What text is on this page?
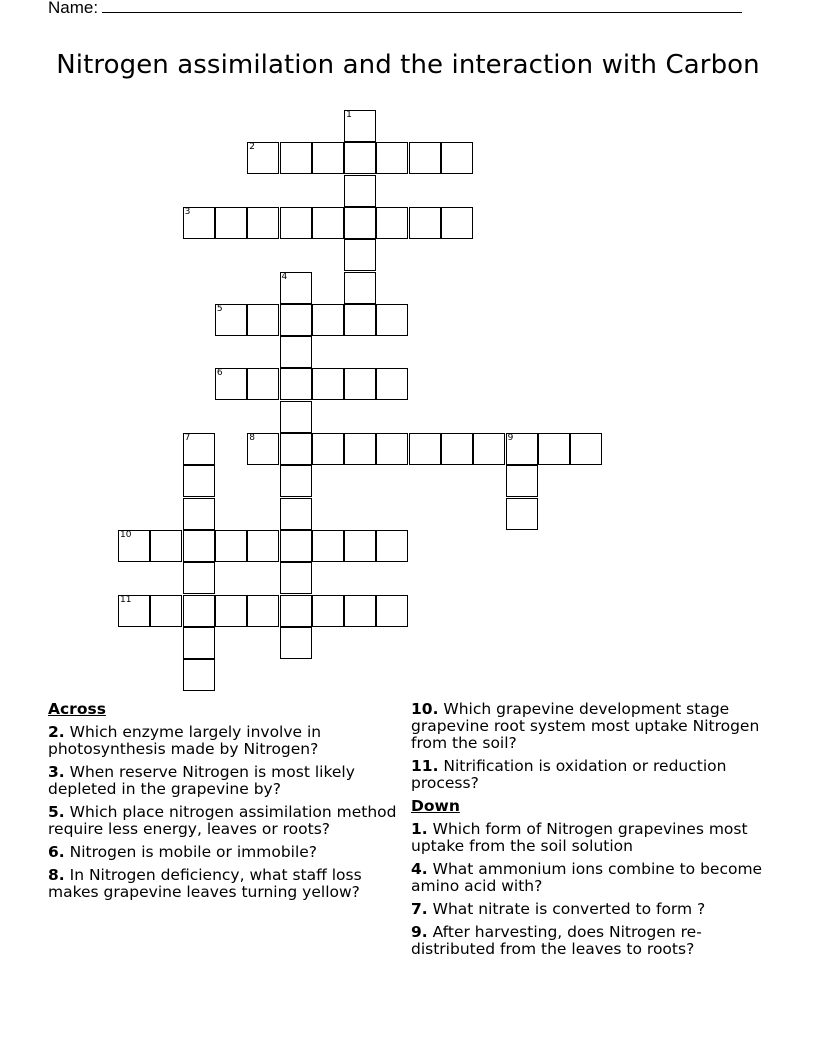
Name:
Nitrogen assimilation and the interaction with Carbon
1
2
3
4
5
6
7	8	9
10
11
Across
2. Which enzyme largely involve in photosynthesis made by Nitrogen?
3. When reserve Nitrogen is most likely depleted in the grapevine by?
5. Which place nitrogen assimilation method require less energy, leaves or roots?
6. Nitrogen is mobile or immobile?
8. In Nitrogen deficiency, what staff loss makes grapevine leaves turning yellow?
10. Which grapevine development stage grapevine root system most uptake Nitrogen from the soil?
11. Nitrification is oxidation or reduction process?
Down
1. Which form of Nitrogen grapevines most uptake from the soil solution
4. What ammonium ions combine to become amino acid with?
7. What nitrate is converted to form ?
9. After harvesting, does Nitrogen re-distributed from the leaves to roots?
